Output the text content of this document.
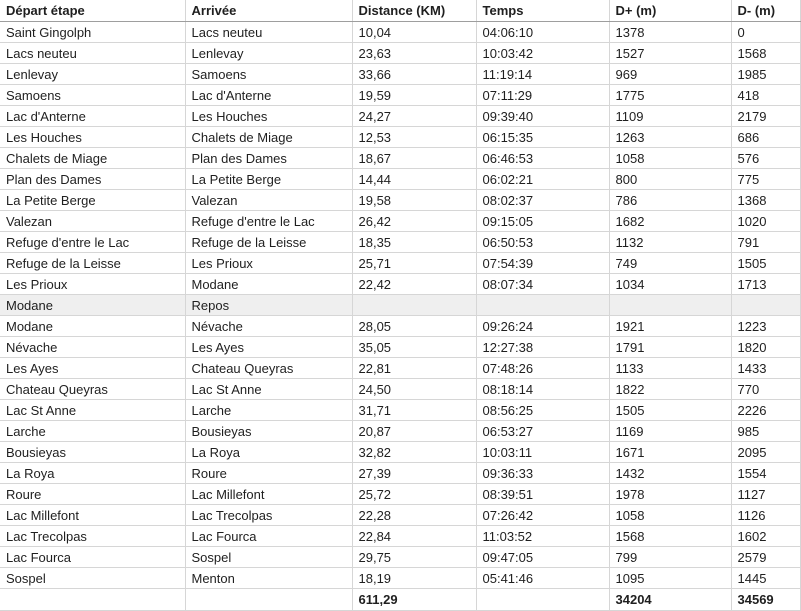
Départ étape	Arrivée	Distance (KM)	Temps	D+ (m)	D- (m)
Saint Gingolph	Lacs neuteu	10,04	04:06:10	1378	0
Lacs neuteu	Lenlevay	23,63	10:03:42	1527	1568
Lenlevay	Samoens	33,66	11:19:14	969	1985
Samoens	Lac d'Anterne	19,59	07:11:29	1775	418
Lac d'Anterne	Les Houches	24,27	09:39:40	1109	2179
Les Houches	Chalets de Miage	12,53	06:15:35	1263	686
Chalets de Miage	Plan des Dames	18,67	06:46:53	1058	576
Plan des Dames	La Petite Berge	14,44	06:02:21	800	775
La Petite Berge	Valezan	19,58	08:02:37	786	1368
Valezan	Refuge d'entre le Lac	26,42	09:15:05	1682	1020
Refuge d'entre le Lac	Refuge de la Leisse	18,35	06:50:53	1132	791
Refuge de la Leisse	Les Prioux	25,71	07:54:39	749	1505
Les Prioux	Modane	22,42	08:07:34	1034	1713
Modane	Repos				
Modane	Névache	28,05	09:26:24	1921	1223
Névache	Les Ayes	35,05	12:27:38	1791	1820
Les Ayes	Chateau Queyras	22,81	07:48:26	1133	1433
Chateau Queyras	Lac St Anne	24,50	08:18:14	1822	770
Lac St Anne	Larche	31,71	08:56:25	1505	2226
Larche	Bousieyas	20,87	06:53:27	1169	985
Bousieyas	La Roya	32,82	10:03:11	1671	2095
La Roya	Roure	27,39	09:36:33	1432	1554
Roure	Lac Millefont	25,72	08:39:51	1978	1127
Lac Millefont	Lac Trecolpas	22,28	07:26:42	1058	1126
Lac Trecolpas	Lac Fourca	22,84	11:03:52	1568	1602
Lac Fourca	Sospel	29,75	09:47:05	799	2579
Sospel	Menton	18,19	05:41:46	1095	1445
		611,29		34204	34569
